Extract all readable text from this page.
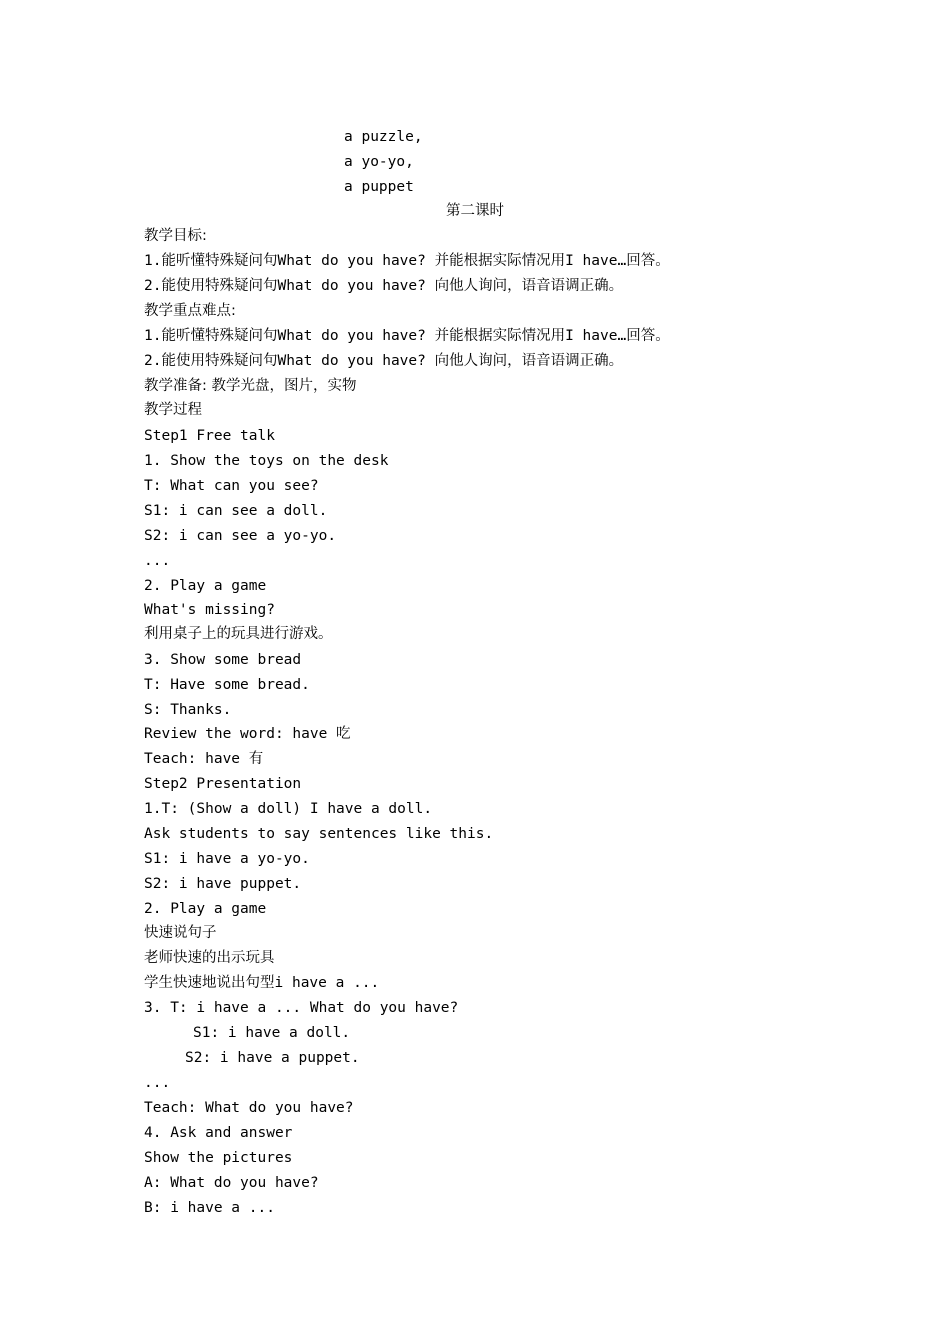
a puzzle,
a yo-yo,
a puppet
第二课时
教学目标:
1.能听懂特殊疑问句What do you have? 并能根据实际情况用I have…回答。
2.能使用特殊疑问句What do you have? 向他人询问，语音语调正确。
教学重点难点:
1.能听懂特殊疑问句What do you have? 并能根据实际情况用I have…回答。
2.能使用特殊疑问句What do you have? 向他人询问，语音语调正确。
教学准备: 教学光盘，图片，实物
教学过程
Step1 Free talk
1. Show the toys on the desk
T: What can you see?
S1: i can see a doll.
S2: i can see a yo-yo.
...
2. Play a game
What's missing?
利用桌子上的玩具进行游戏。
3. Show some bread
T: Have some bread.
S: Thanks.
Review the word: have 吃
Teach: have 有
Step2 Presentation
1.T: (Show a doll) I have a doll.
Ask students to say sentences like this.
S1: i have a yo-yo.
S2: i have puppet.
2. Play a game
快速说句子
老师快速的出示玩具
学生快速地说出句型i have a ...
3. T: i have a ... What do you have?
S1: i have a doll.
S2: i have a puppet.
...
Teach: What do you have?
4. Ask and answer
Show the pictures
A: What do you have?
B: i have a ...
